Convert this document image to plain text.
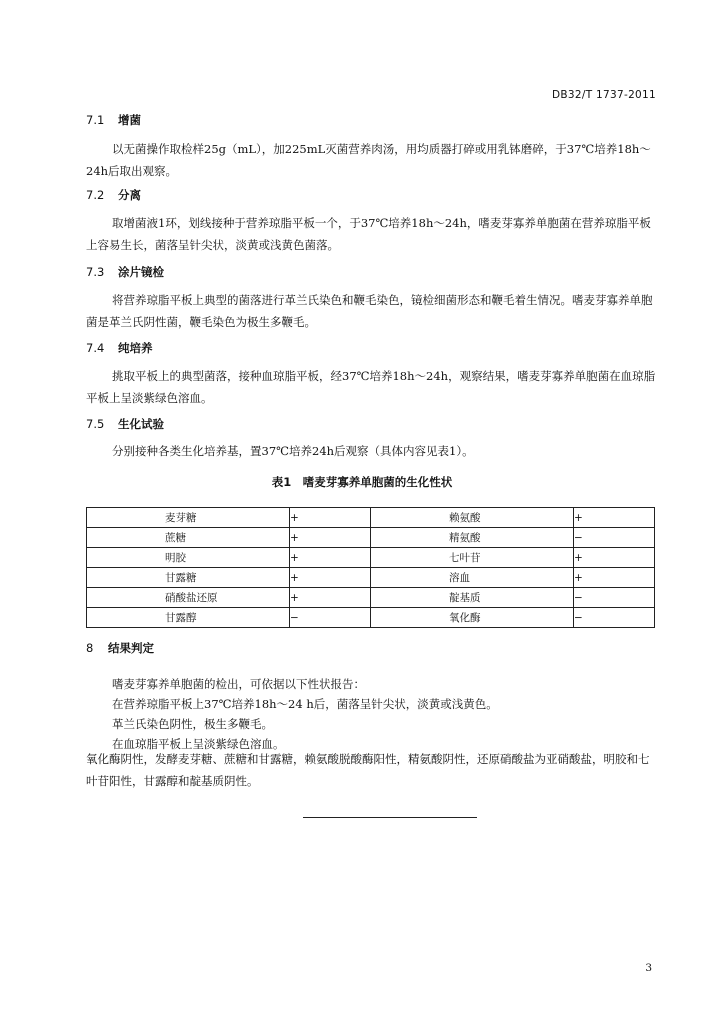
DB32/T 1737-2011
7.1 增菌
以无菌操作取检样25g（mL），加225mL灭菌营养肉汤，用均质器打碎或用乳钵磨碎，于37℃培养18h～24h后取出观察。
7.2 分离
取增菌液1环，划线接种于营养琼脂平板一个，于37℃培养18h～24h，嗜麦芽寡养单胞菌在营养琼脂平板上容易生长，菌落呈针尖状，淡黄或浅黄色菌落。
7.3 涂片镜检
将营养琼脂平板上典型的菌落进行革兰氏染色和鞭毛染色，镜检细菌形态和鞭毛着生情况。嗜麦芽寡养单胞菌是革兰氏阴性菌，鞭毛染色为极生多鞭毛。
7.4 纯培养
挑取平板上的典型菌落，接种血琼脂平板，经37℃培养18h～24h，观察结果，嗜麦芽寡养单胞菌在血琼脂平板上呈淡紫绿色溶血。
7.5 生化试验
分别接种各类生化培养基，置37℃培养24h后观察（具体内容见表1）。
表1　嗜麦芽寡养单胞菌的生化性状
麦芽糖	+	赖氨酸	+
蔗糖	+	精氨酸	−
明胶	+	七叶苷	+
甘露糖	+	溶血	+
硝酸盐还原	+	靛基质	−
甘露醇	−	氧化酶	−
8 结果判定
嗜麦芽寡养单胞菌的检出，可依据以下性状报告：
在营养琼脂平板上37℃培养18h～24 h后，菌落呈针尖状，淡黄或浅黄色。
革兰氏染色阴性，极生多鞭毛。
在血琼脂平板上呈淡紫绿色溶血。
氧化酶阴性，发酵麦芽糖、蔗糖和甘露糖，赖氨酸脱酸酶阳性，精氨酸阴性，还原硝酸盐为亚硝酸盐，明胶和七叶苷阳性，甘露醇和靛基质阴性。
3
